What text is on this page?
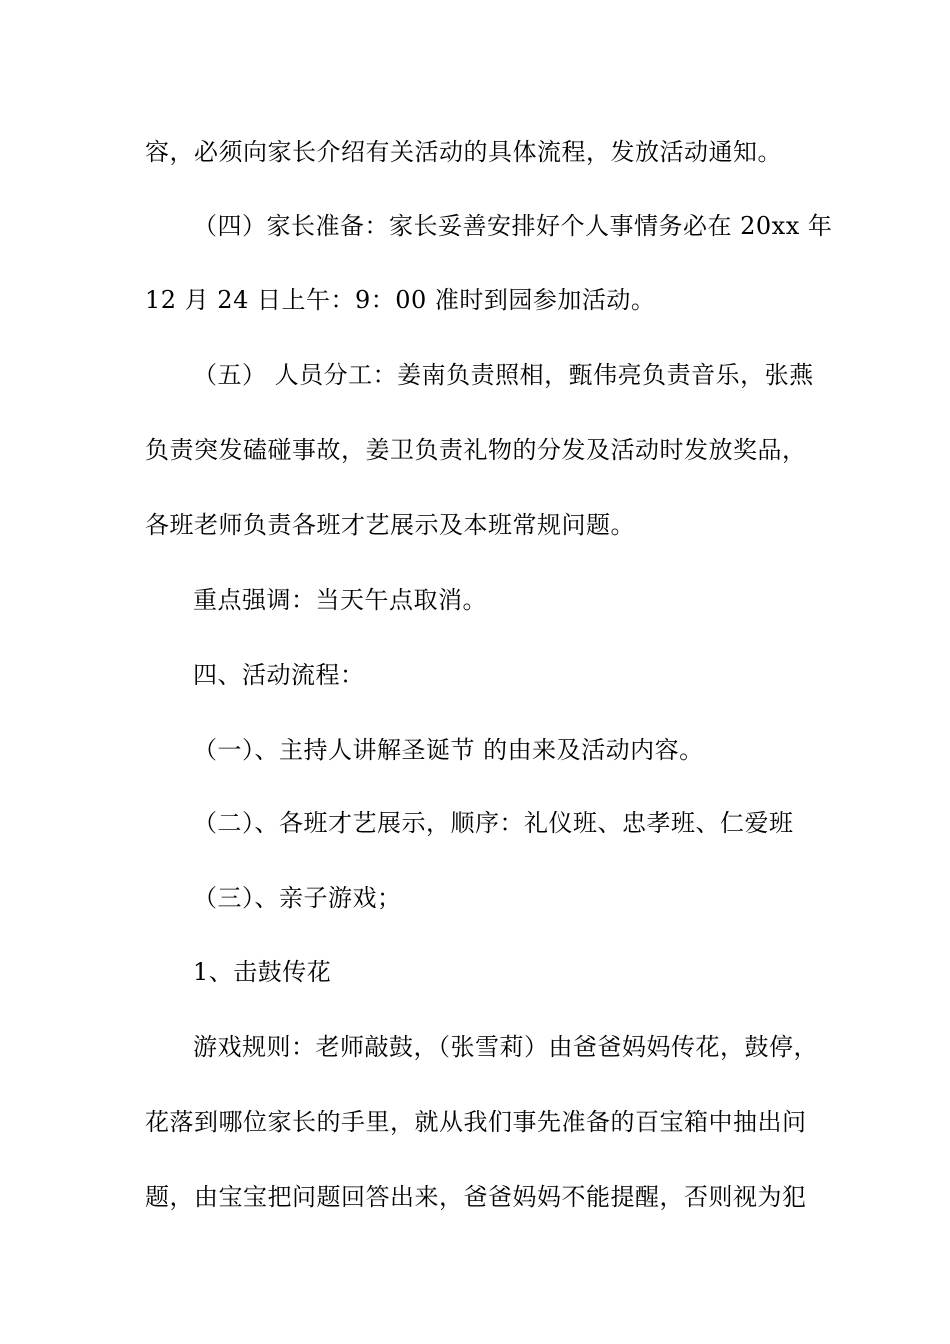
容，必须向家长介绍有关活动的具体流程，发放活动通知。
（四）家长准备：家长妥善安排好个人事情务必在 20xx 年
12 月 24 日上午：9：00 准时到园参加活动。
（五） 人员分工：姜南负责照相，甄伟亮负责音乐，张燕
负责突发磕碰事故，姜卫负责礼物的分发及活动时发放奖品，
各班老师负责各班才艺展示及本班常规问题。
重点强调：当天午点取消。
四、活动流程：
（一）、主持人讲解圣诞节 的由来及活动内容。
（二）、各班才艺展示，顺序：礼仪班、忠孝班、仁爱班
（三）、亲子游戏；
1、击鼓传花
游戏规则：老师敲鼓，（张雪莉）由爸爸妈妈传花，鼓停，
花落到哪位家长的手里，就从我们事先准备的百宝箱中抽出问
题，由宝宝把问题回答出来，爸爸妈妈不能提醒，否则视为犯
